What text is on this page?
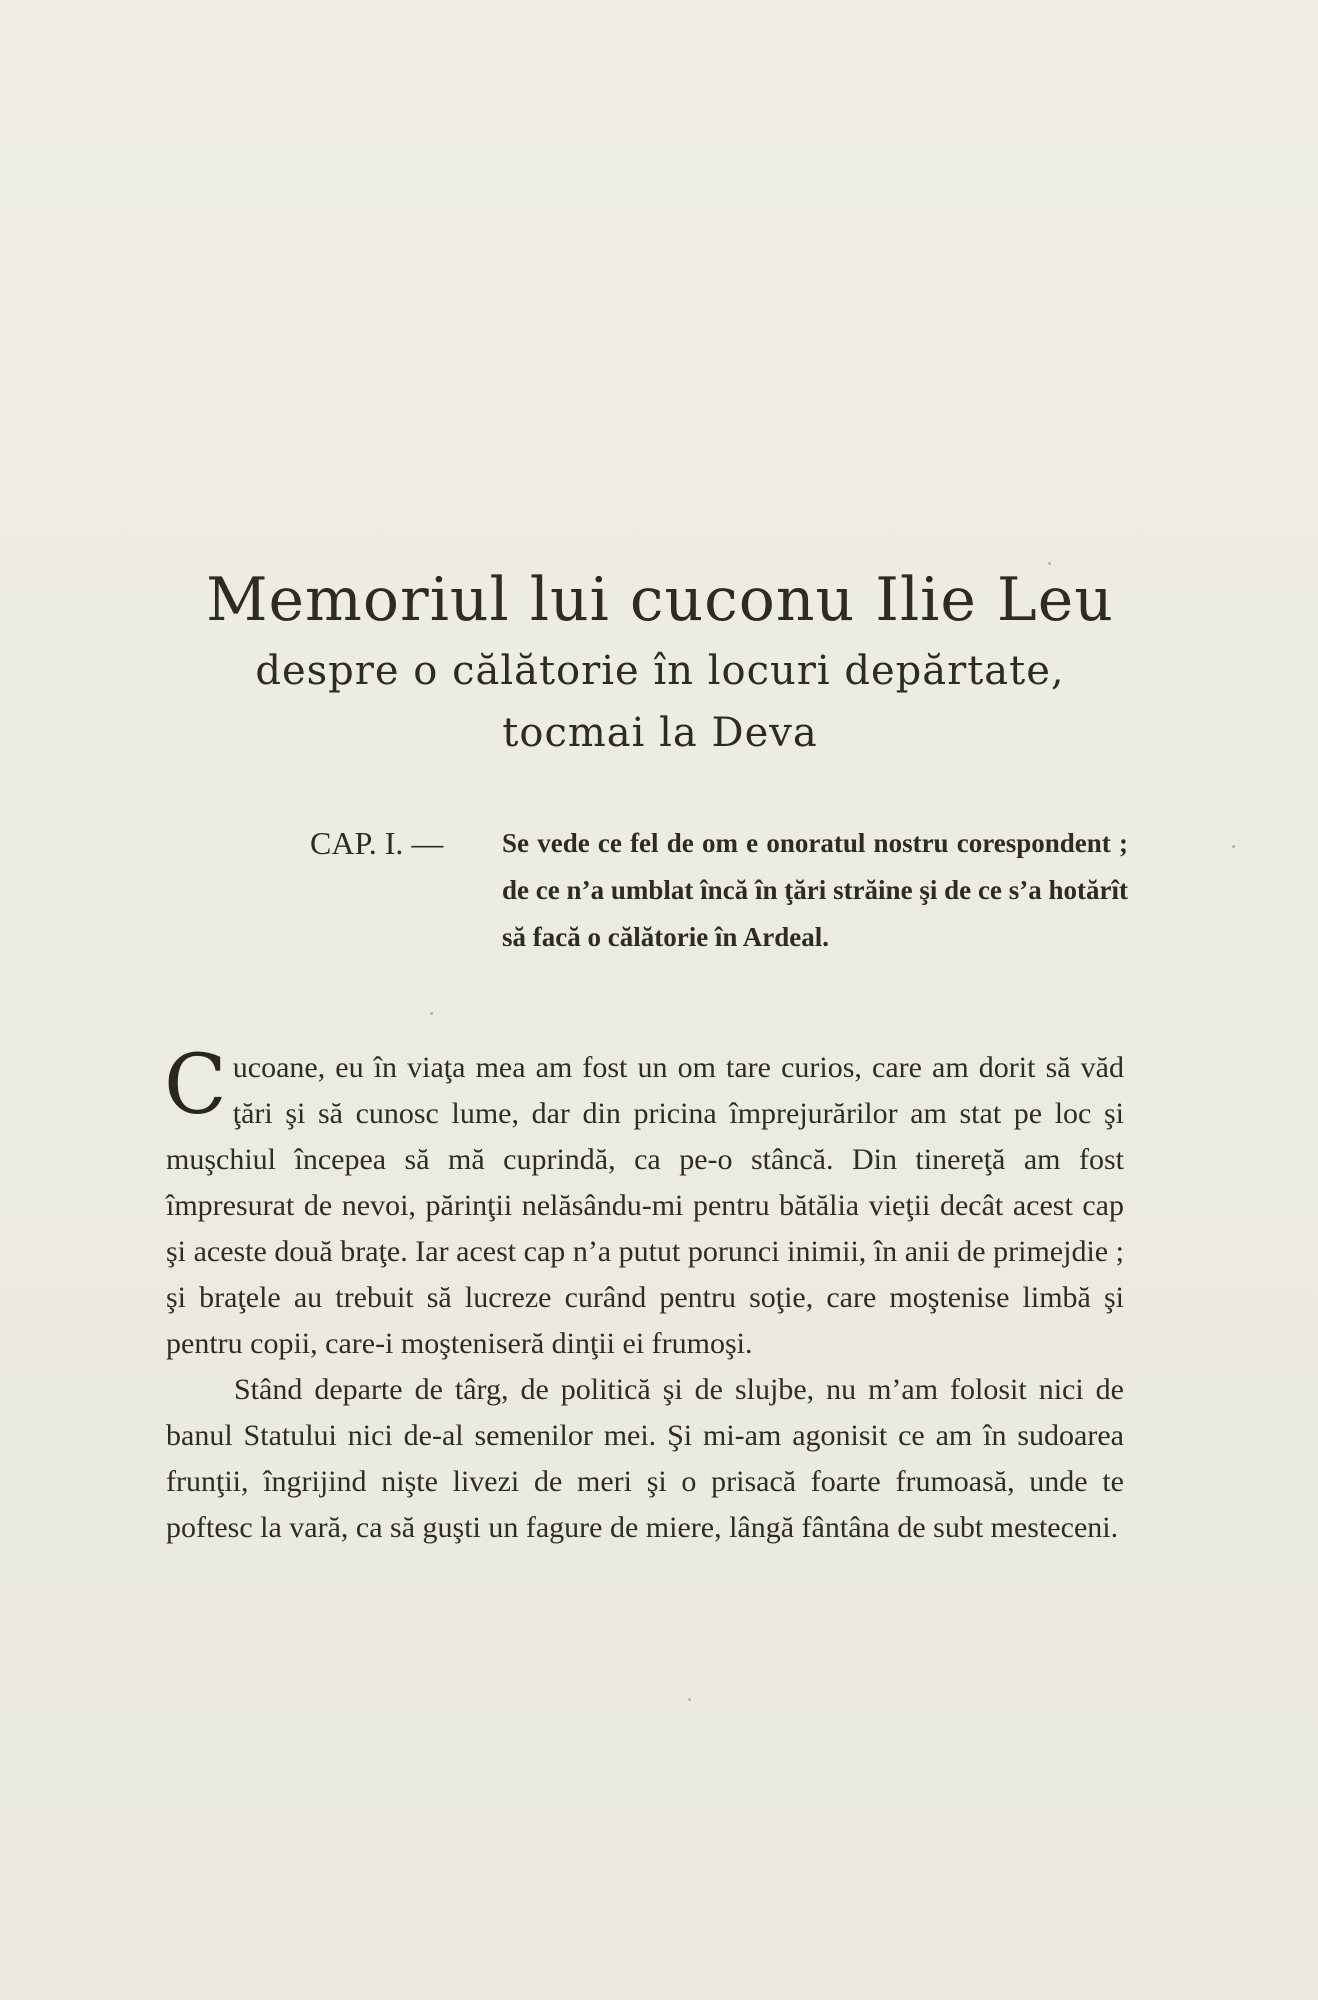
Memoriul lui cuconu Ilie Leu
despre o călătorie în locuri depărtate,
tocmai la Deva
CAP. I. — Se vede ce fel de om e onoratul nostru corespondent ; de ce n’a umblat încă în ţări străine şi de ce s’a hotărît să facă o călătorie în Ardeal.

Cucoane, eu în viaţa mea am fost un om tare curios, care am dorit să văd ţări şi să cunosc lume, dar din pricina împrejurărilor am stat pe loc şi muşchiul începea să mă cuprindă, ca pe-o stâncă. Din tinereţă am fost împresurat de nevoi, părinţii nelăsându-mi pentru bătălia vieţii decât acest cap şi aceste două braţe. Iar acest cap n’a putut porunci inimii, în anii de primejdie ; şi braţele au trebuit să lucreze curând pentru soţie, care moştenise limbă şi pentru copii, care-i moşteniseră dinţii ei frumoşi.

Stând departe de târg, de politică şi de slujbe, nu m’am folosit nici de banul Statului nici de-al semenilor mei. Şi mi-am agonisit ce am în sudoarea frunţii, îngrijind nişte livezi de meri şi o prisacă foarte frumoasă, unde te poftesc la vară, ca să guşti un fagure de miere, lângă fântâna de subt mesteceni.
